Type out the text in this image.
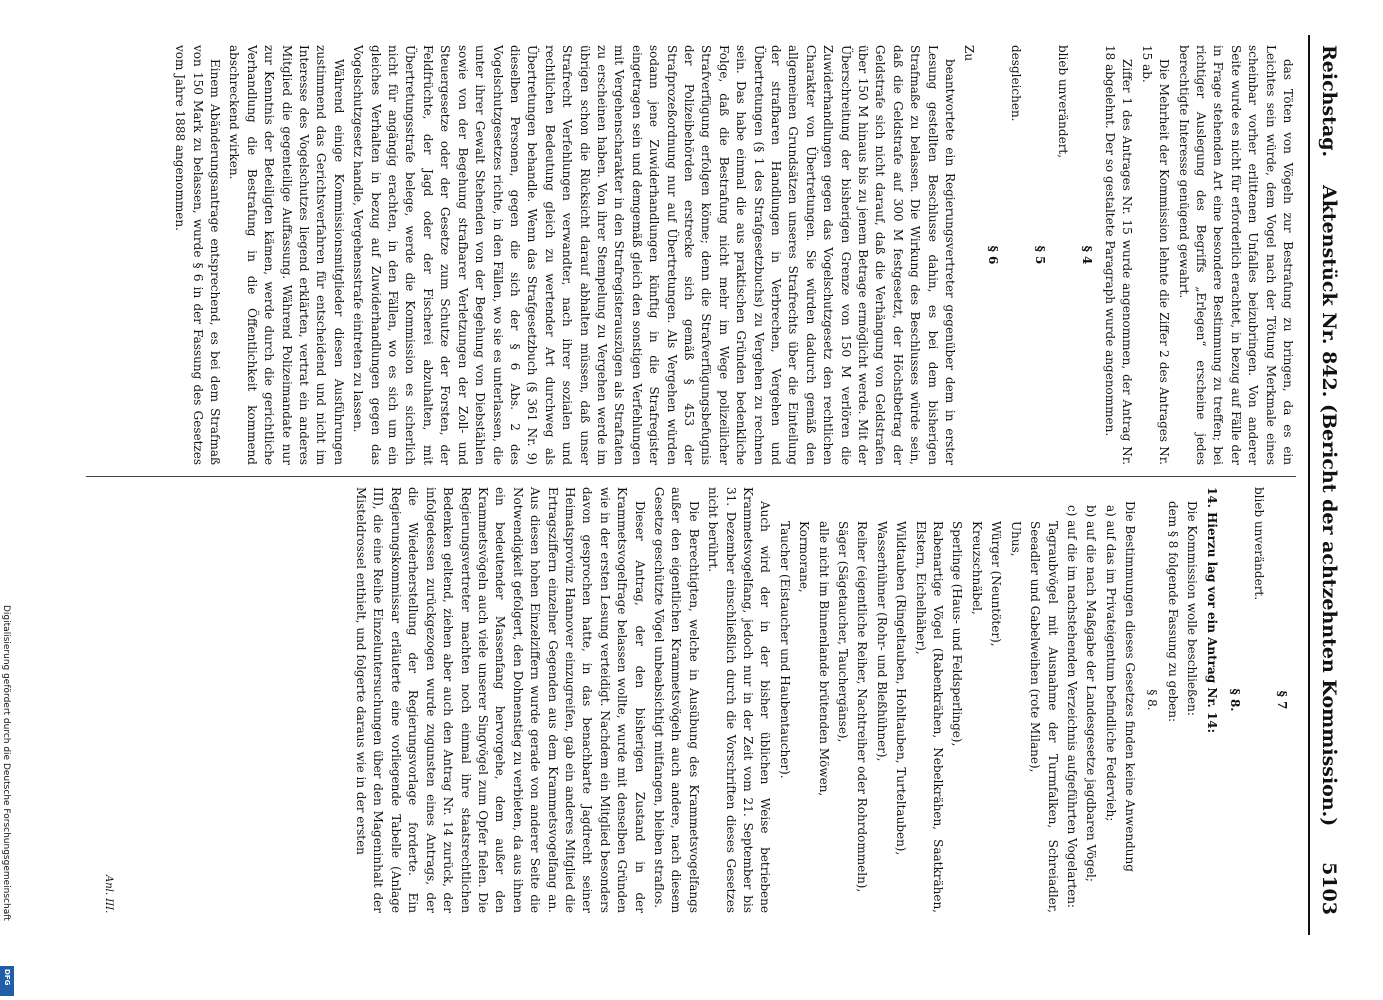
Reichstag.
Aktenstück Nr. 842. (Bericht der achtzehnten Kommission.)
5103

das Töten von Vögeln zur Bestrafung zu bringen, da es ein Leichtes sein würde, dem Vogel nach der Tötung Merkmale eines scheinbar vorher erlittenen Unfalles beizubringen. Von anderer Seite wurde es nicht für erforderlich erachtet, in bezug auf Fälle der in Frage stehenden Art eine besondere Bestimmung zu treffen; bei richtiger Auslegung des Begriffs „Erlegen“ erscheine jedes berechtigte Interesse genügend gewahrt.

Die Mehrheit der Kommission lehnte die Ziffer 2 des Antrages Nr. 15 ab.

Ziffer 1 des Antrages Nr. 15 wurde angenommen, der Antrag Nr. 18 abgelehnt. Der so gestaltete Paragraph wurde angenommen.

§ 4

blieb unverändert,

§ 5

desgleichen.

§ 6

Zu

beantwortete ein Regierungsvertreter gegenüber dem in erster Lesung gestellten Beschlusse dahin, es bei dem bisherigen Strafmaße zu belassen. Die Wirkung des Beschlusses würde sein, daß die Geldstrafe auf 300 M festgesetzt, der Höchstbetrag der Geldstrafe sich nicht darauf, daß die Verhängung von Geldstrafen über 150 M hinaus bis zu jenem Betrage ermöglicht werde. Mit der Überschreitung der bisherigen Grenze von 150 M verlören die Zuwiderhandlungen gegen das Vogelschutzgesetz den rechtlichen Charakter von Übertretungen. Sie würden dadurch gemäß den allgemeinen Grundsätzen unseres Strafrechts über die Einteilung der strafbaren Handlungen in Verbrechen, Vergehen und Übertretungen (§ 1 des Strafgesetzbuchs) zu Vergehen zu rechnen sein. Das habe einmal die aus praktischen Gründen bedenkliche Folge, daß die Bestrafung nicht mehr im Wege polizeilicher Strafverfügung erfolgen könne; denn die Strafverfügungsbefugnis der Polizeibehörden erstrecke sich gemäß § 453 der Strafprozeßordnung nur auf Übertretungen. Als Vergehen würden sodann jene Zuwiderhandlungen künftig in die Strafregister eingetragen sein und demgemäß gleich den sonstigen Verfehlungen mit Vergehenscharakter in den Strafregisterauszügen als Straftaten zu erscheinen haben. Von ihrer Stempelung zu Vergehen werde im übrigen schon die Rücksicht darauf abhalten müssen, daß unser Strafrecht Verfehlungen verwandter, nach ihrer sozialen und rechtlichen Bedeutung gleich zu wertender Art durchweg als Übertretungen behandle. Wenn das Strafgesetzbuch (§ 361 Nr. 9) dieselben Personen, gegen die sich der § 6 Abs. 2 des Vogelschutzgesetzes richte, in den Fällen, wo sie es unterlassen, die unter ihrer Gewalt Stehenden von der Begehung von Diebstählen sowie von der Begehung strafbarer Verletzungen der Zoll- und Steuergesetze oder der Gesetze zum Schutze der Forsten, der Feldfrüchte, der Jagd oder der Fischerei abzuhalten, mit Übertretungsstrafe belege, werde die Kommission es sicherlich nicht für angängig erachten, in den Fällen, wo es sich um ein gleiches Verhalten in bezug auf Zuwiderhandlungen gegen das Vogelschutzgesetz handle, Vergehensstrafe eintreten zu lassen.

Während einige Kommissionsmitglieder diesen Ausführungen zustimmend das Gerichtsverfahren für entscheidend und nicht im Interesse des Vogelschutzes liegend erklärten, vertrat ein anderes Mitglied die gegenteilige Auffassung. Während Polizeimandate nur zur Kenntnis der Beteiligten kämen, werde durch die gerichtliche Verhandlung die Bestrafung in die Öffentlichkeit kommend abschreckend wirken.

Einem Abänderungsantrage entsprechend, es bei dem Strafmaß von 150 Mark zu belassen, wurde § 6 in der Fassung des Gesetzes vom Jahre 1888 angenommen.

§ 7

blieb unverändert.

§ 8.

14. Hierzu lag vor ein Antrag Nr. 14:

Die Kommission wolle beschließen:

dem § 8 folgende Fassung zu geben:

§ 8.

Die Bestimmungen dieses Gesetzes finden keine Anwendung

a) auf das im Privateigentum befindliche Federvieh;

b) auf die nach Maßgabe der Landesgesetze jagdbaren Vögel;

c) auf die im nachstehenden Verzeichnis aufgeführten Vogelarten:

Tagraubvögel mit Ausnahme der Turmfalken, Schreiadler, Seeadler und Gabelweihen (rote Milane),

Uhus,

Würger (Neuntöter),

Kreuzschnäbel,

Sperlinge (Haus- und Feldsperlinge),

Rabenartige Vögel (Rabenkrähen, Nebelkrähen, Saatkrähen, Elstern, Eichelhäher),

Wildtauben (Ringeltauben, Hohltauben, Turteltauben),

Wasserhühner (Rohr- und Bleßhühner),

Reiher (eigentliche Reiher, Nachtreiher oder Rohrdommeln),

Säger (Sägetaucher, Tauchergänse),

alle nicht im Binnenlande brütenden Möwen,

Kormorane,

Taucher (Eistaucher und Haubentaucher).

Auch wird der in der bisher üblichen Weise betriebene Krammetsvogelfang, jedoch nur in der Zeit vom 21. September bis 31. Dezember einschließlich durch die Vorschriften dieses Gesetzes nicht berührt.

Die Berechtigten, welche in Ausübung des Krammetsvogelfangs außer den eigentlichen Krammetsvögeln auch andere, nach diesem Gesetze geschützte Vögel unbeabsichtigt mitfangen, bleiben straflos.

Dieser Antrag, der den bisherigen Zustand in der Krammetsvogelfrage belassen wollte, wurde mit denselben Gründen wie in der ersten Lesung verteidigt. Nachdem ein Mitglied besonders davon gesprochen hatte, in das benachbarte Jagdrecht seiner Heimatsprovinz Hannover einzugreifen, gab ein anderes Mitglied die Ertragsziffern einzelner Gegenden aus dem Krammetsvogelfang an. Aus diesen hohen Einzelziffern wurde gerade von anderer Seite die Notwendigkeit gefolgert, den Dohnenstieg zu verbieten, da aus ihnen ein bedeutender Massenfang hervorgehe, dem außer den Krammetsvögeln auch viele unserer Singvögel zum Opfer fielen. Die Regierungsvertreter machten noch einmal ihre staatsrechtlichen Bedenken geltend, ziehen aber auch den Antrag Nr. 14 zurück, der infolgedessen zurückgezogen wurde zugunsten eines Antrags, der die Wiederherstellung der Regierungsvorlage forderte. Ein Regierungskommissar erläuterte eine vorliegende Tabelle (Anlage III), die eine Reihe Einzeluntersuchungen über den Mageninhalt der Misteldrossel enthielt, und folgerte daraus wie in der ersten

Anl. III.
Digitalisierung gefördert durch die Deutsche Forschungsgemeinschaft
DFG
